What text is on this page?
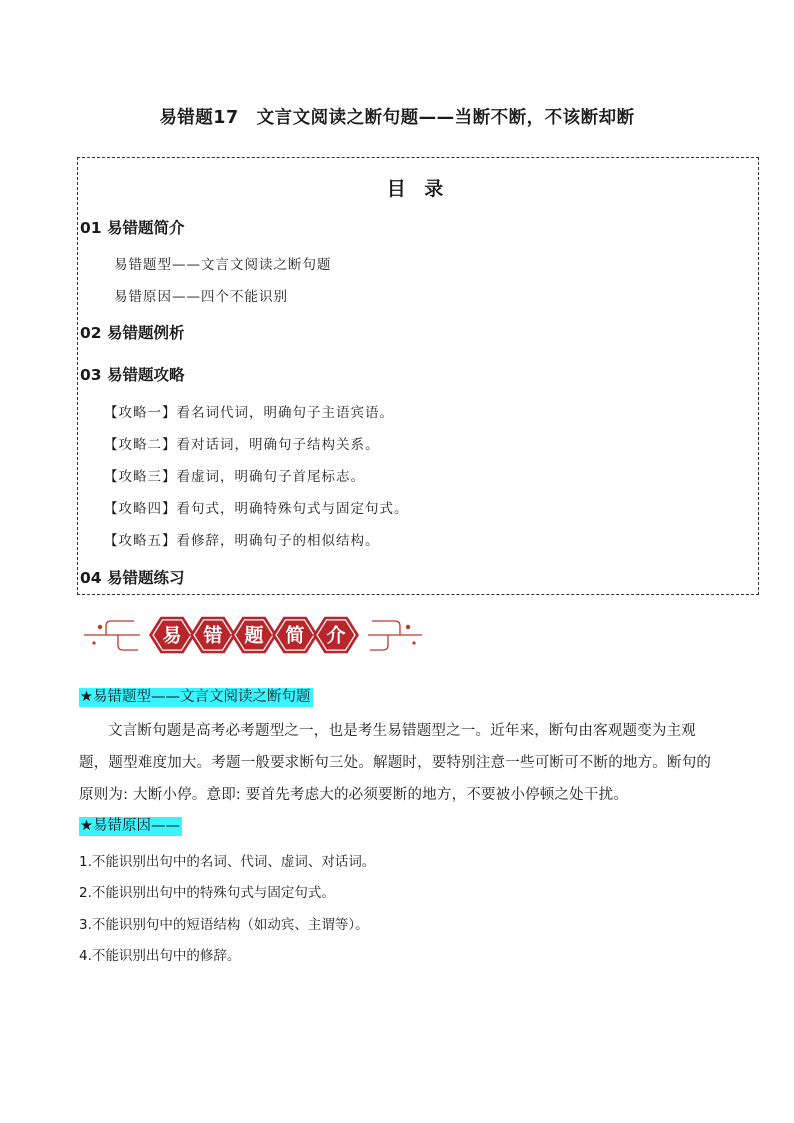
易错题17　文言文阅读之断句题——当断不断，不该断却断
目 录
01 易错题简介
易错题型——文言文阅读之断句题
易错原因——四个不能识别
02 易错题例析
03 易错题攻略
【攻略一】看名词代词，明确句子主语宾语。
【攻略二】看对话词，明确句子结构关系。
【攻略三】看虚词，明确句子首尾标志。
【攻略四】看句式，明确特殊句式与固定句式。
【攻略五】看修辞，明确句子的相似结构。
04 易错题练习
易 错 题 简 介
★易错题型——文言文阅读之断句题
文言断句题是高考必考题型之一，也是考生易错题型之一。近年来，断句由客观题变为主观题，题型难度加大。考题一般要求断句三处。解题时，要特别注意一些可断可不断的地方。断句的原则为: 大断小停。意即: 要首先考虑大的必须要断的地方，不要被小停顿之处干扰。
★易错原因——
1.不能识别出句中的名词、代词、虚词、对话词。
2.不能识别出句中的特殊句式与固定句式。
3.不能识别句中的短语结构（如动宾、主谓等）。
4.不能识别出句中的修辞。
